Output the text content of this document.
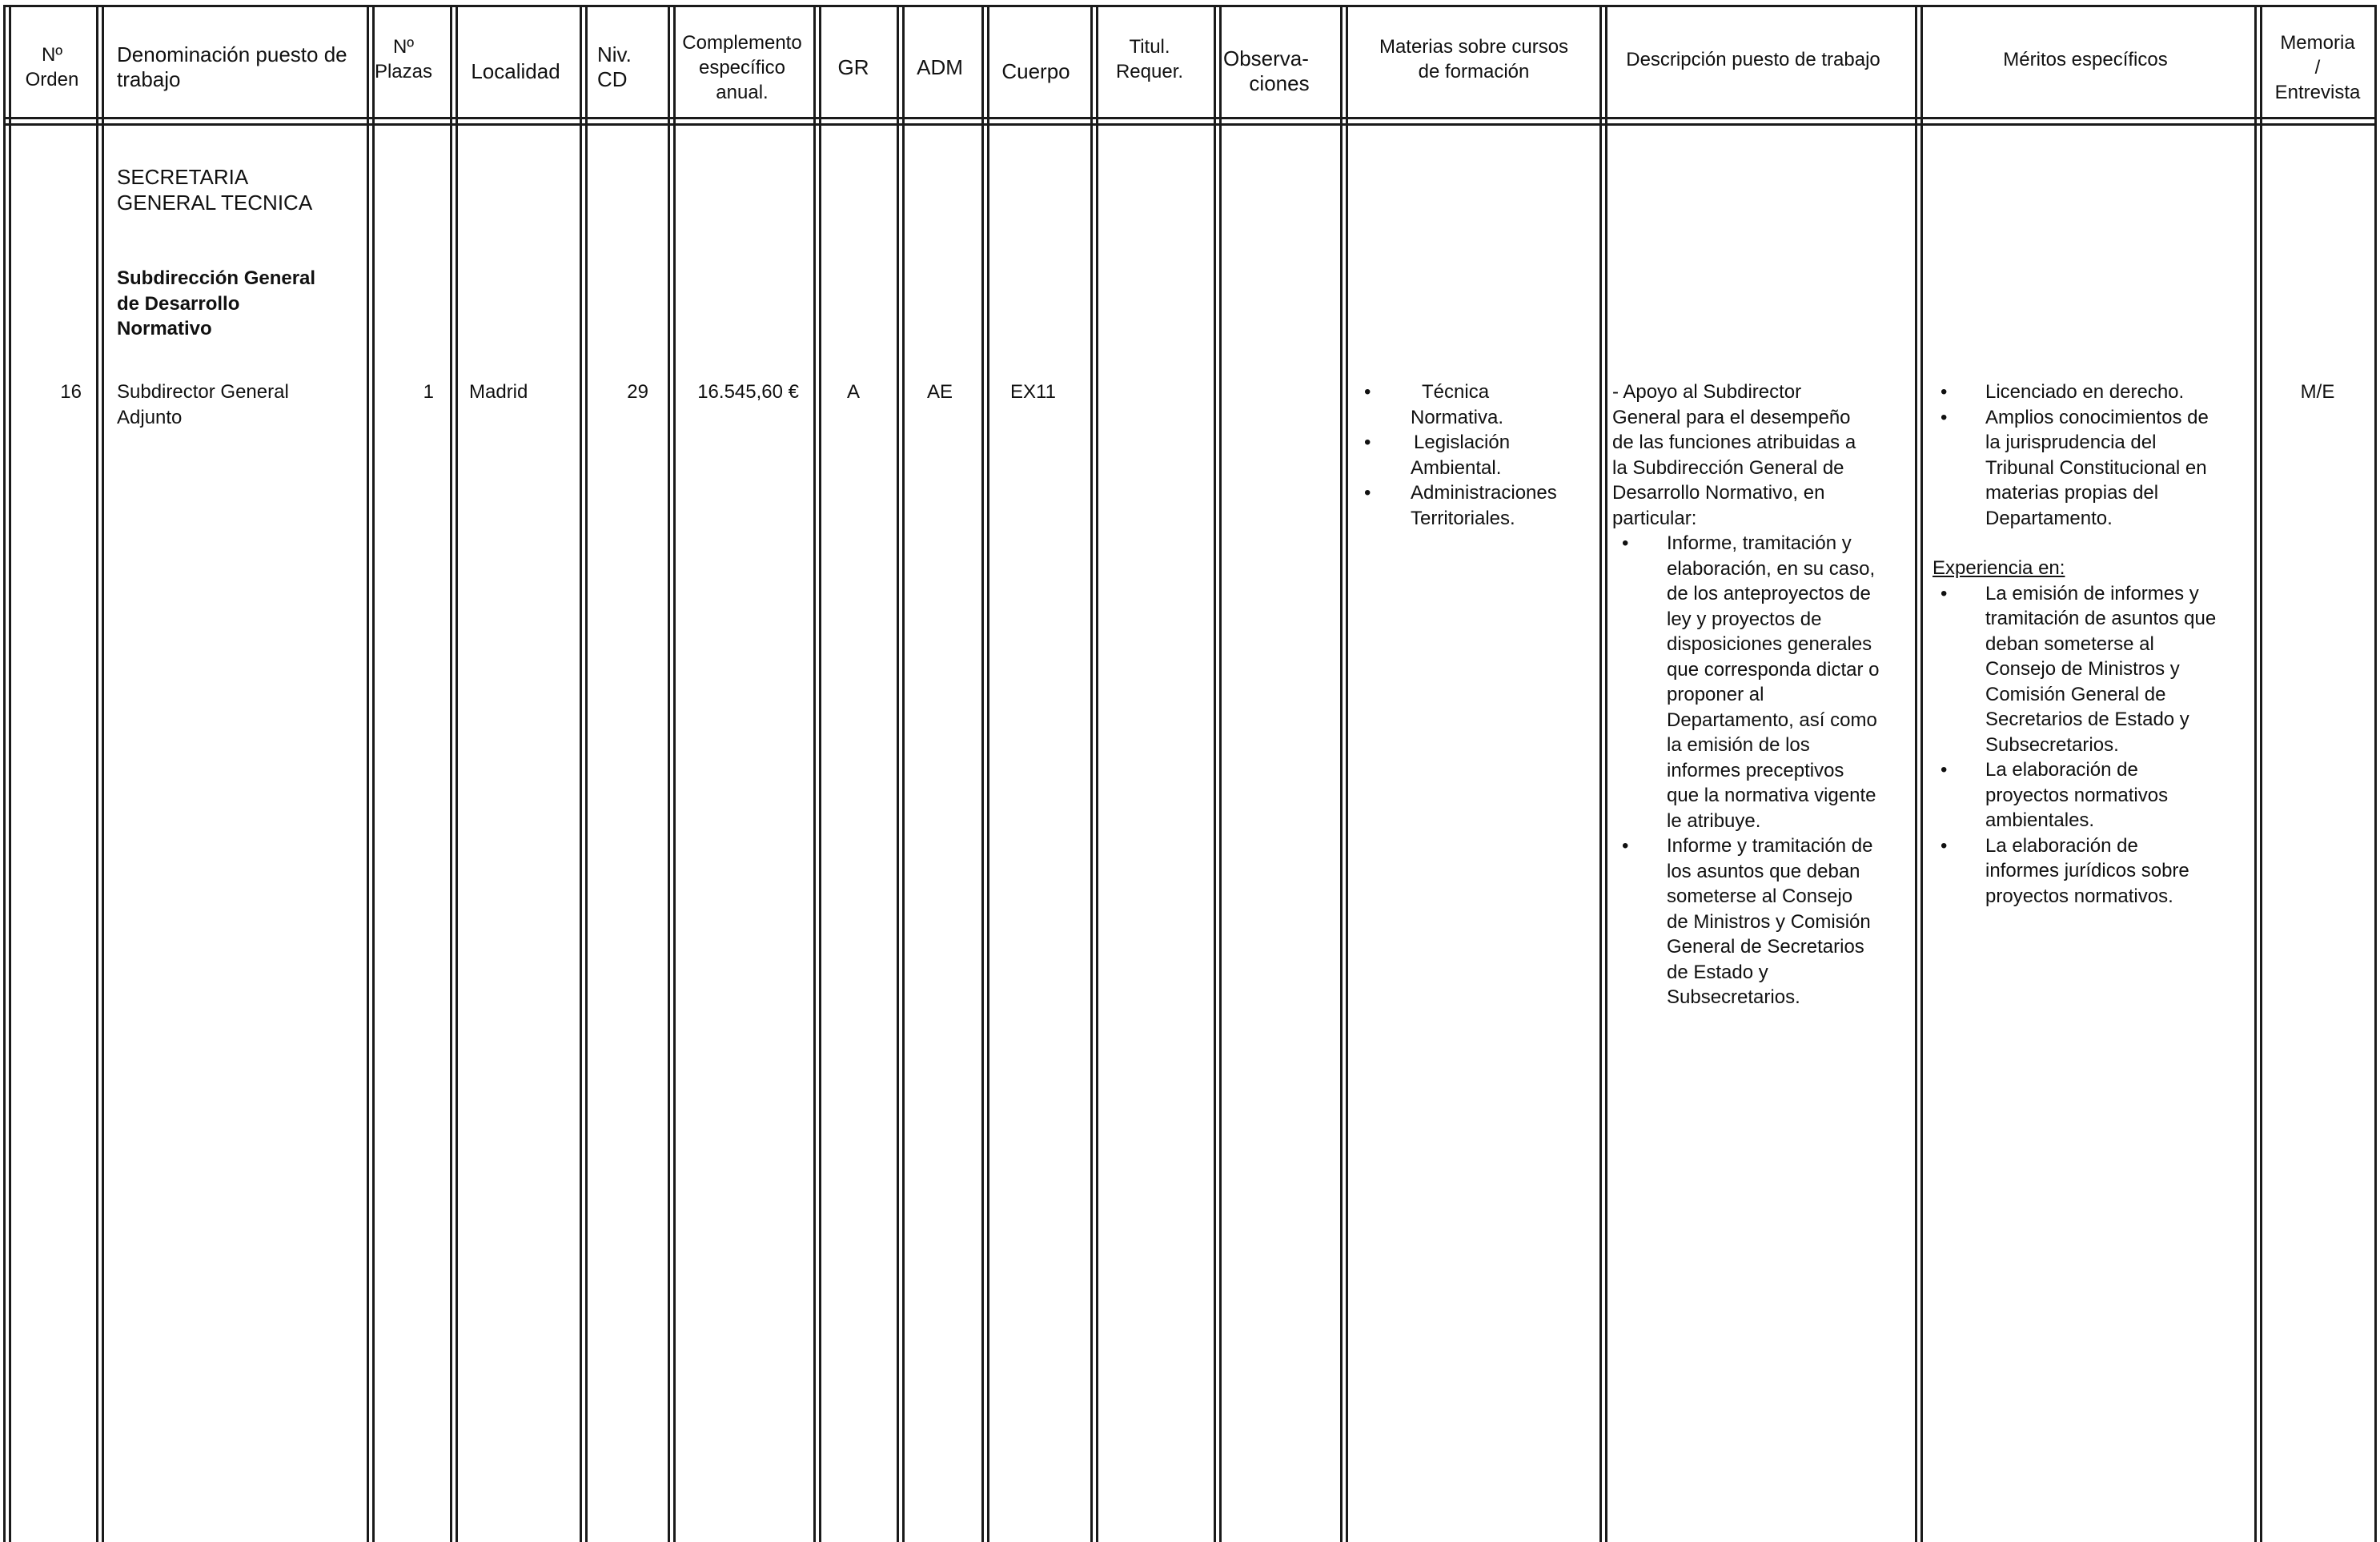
Nº
Orden
Denominación puesto de
trabajo
Nº
Plazas Localidad
Niv.
CD
Complemento
específico
anual.
GR ADM Cuerpo
Titul.
Requer.
Observa-
ciones
Materias sobre cursos
de formación
Descripción puesto de trabajo	Méritos específicos
Memoria
/
Entrevista
SECRETARIA
GENERAL TECNICA
Subdirección General
de Desarrollo
Normativo
16 Subdirector General
Adjunto
1 Madrid	29	16.545,60 €	A	AE	EX11
•	Técnica
Normativa.
• Legislación
Ambiental.
• Administraciones
Territoriales.
- Apoyo al Subdirector
General para el desempeño
de las funciones atribuidas a
la Subdirección General de
Desarrollo Normativo, en
particular:
• Informe, tramitación y
elaboración, en su caso,
de los anteproyectos de
ley y proyectos de
disposiciones generales
que corresponda dictar o
proponer al
Departamento, así como
la emisión de los
informes preceptivos
que la normativa vigente
le atribuye.
• Informe y tramitación de
los asuntos que deban
someterse al Consejo
de Ministros y Comisión
General de Secretarios
de Estado y
Subsecretarios.
• Licenciado en derecho.
• Amplios conocimientos de
la jurisprudencia del
Tribunal Constitucional en
materias propias del
Departamento.
Experiencia en:
• La emisión de informes y
tramitación de asuntos que
deban someterse al
Consejo de Ministros y
Comisión General de
Secretarios de Estado y
Subsecretarios.
• La elaboración de
proyectos normativos
ambientales.
• La elaboración de
informes jurídicos sobre
proyectos normativos.
M/E
